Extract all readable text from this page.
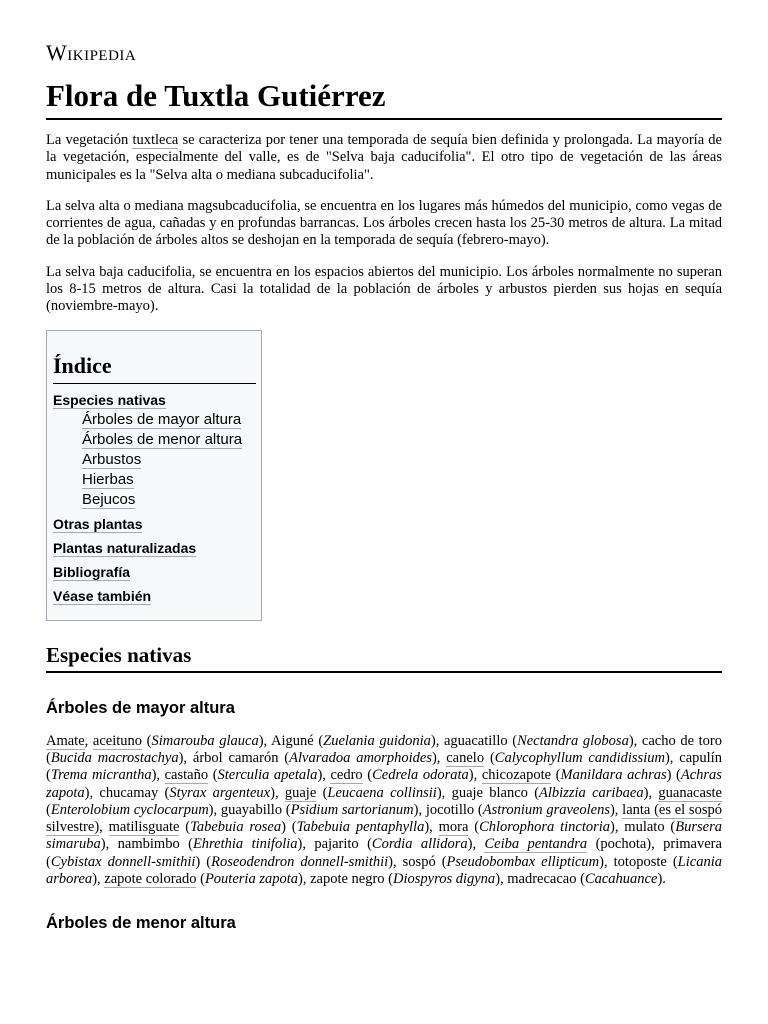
Wikipedia
Flora de Tuxtla Gutiérrez

La vegetación tuxtleca se caracteriza por tener una temporada de sequía bien definida y prolongada. La mayoría de la vegetación, especialmente del valle, es de "Selva baja caducifolia". El otro tipo de vegetación de las áreas municipales es la "Selva alta o mediana subcaducifolia".

La selva alta o mediana magsubcaducifolia, se encuentra en los lugares más húmedos del municipio, como vegas de corrientes de agua, cañadas y en profundas barrancas. Los árboles crecen hasta los 25-30 metros de altura. La mitad de la población de árboles altos se deshojan en la temporada de sequía (febrero-mayo).

La selva baja caducifolia, se encuentra en los espacios abiertos del municipio. Los árboles normalmente no superan los 8-15 metros de altura. Casi la totalidad de la población de árboles y arbustos pierden sus hojas en sequía (noviembre-mayo).

Índice
Especies nativas
Árboles de mayor altura
Árboles de menor altura
Arbustos
Hierbas
Bejucos
Otras plantas
Plantas naturalizadas
Bibliografía
Véase también
Especies nativas
Árboles de mayor altura

Amate, aceituno (Simarouba glauca), Aiguné (Zuelania guidonia), aguacatillo (Nectandra globosa), cacho de toro (Bucida macrostachya), árbol camarón (Alvaradoa amorphoides), canelo (Calycophyllum candidissium), capulín (Trema micrantha), castaño (Sterculia apetala), cedro (Cedrela odorata), chicozapote (Manildara achras) (Achras zapota), chucamay (Styrax argenteux), guaje (Leucaena collinsii), guaje blanco (Albizzia caribaea), guanacaste (Enterolobium cyclocarpum), guayabillo (Psidium sartorianum), jocotillo (Astronium graveolens), lanta (es el sospó silvestre), matilisguate (Tabebuia rosea) (Tabebuia pentaphylla), mora (Chlorophora tinctoria), mulato (Bursera simaruba), nambimbo (Ehrethia tinifolia), pajarito (Cordia allidora), Ceiba pentandra (pochota), primavera (Cybistax donnell-smithii) (Roseodendron donnell-smithii), sospó (Pseudobombax ellipticum), totoposte (Licania arborea), zapote colorado (Pouteria zapota), zapote negro (Diospyros digyna), madrecacao (Cacahuance).

Árboles de menor altura
